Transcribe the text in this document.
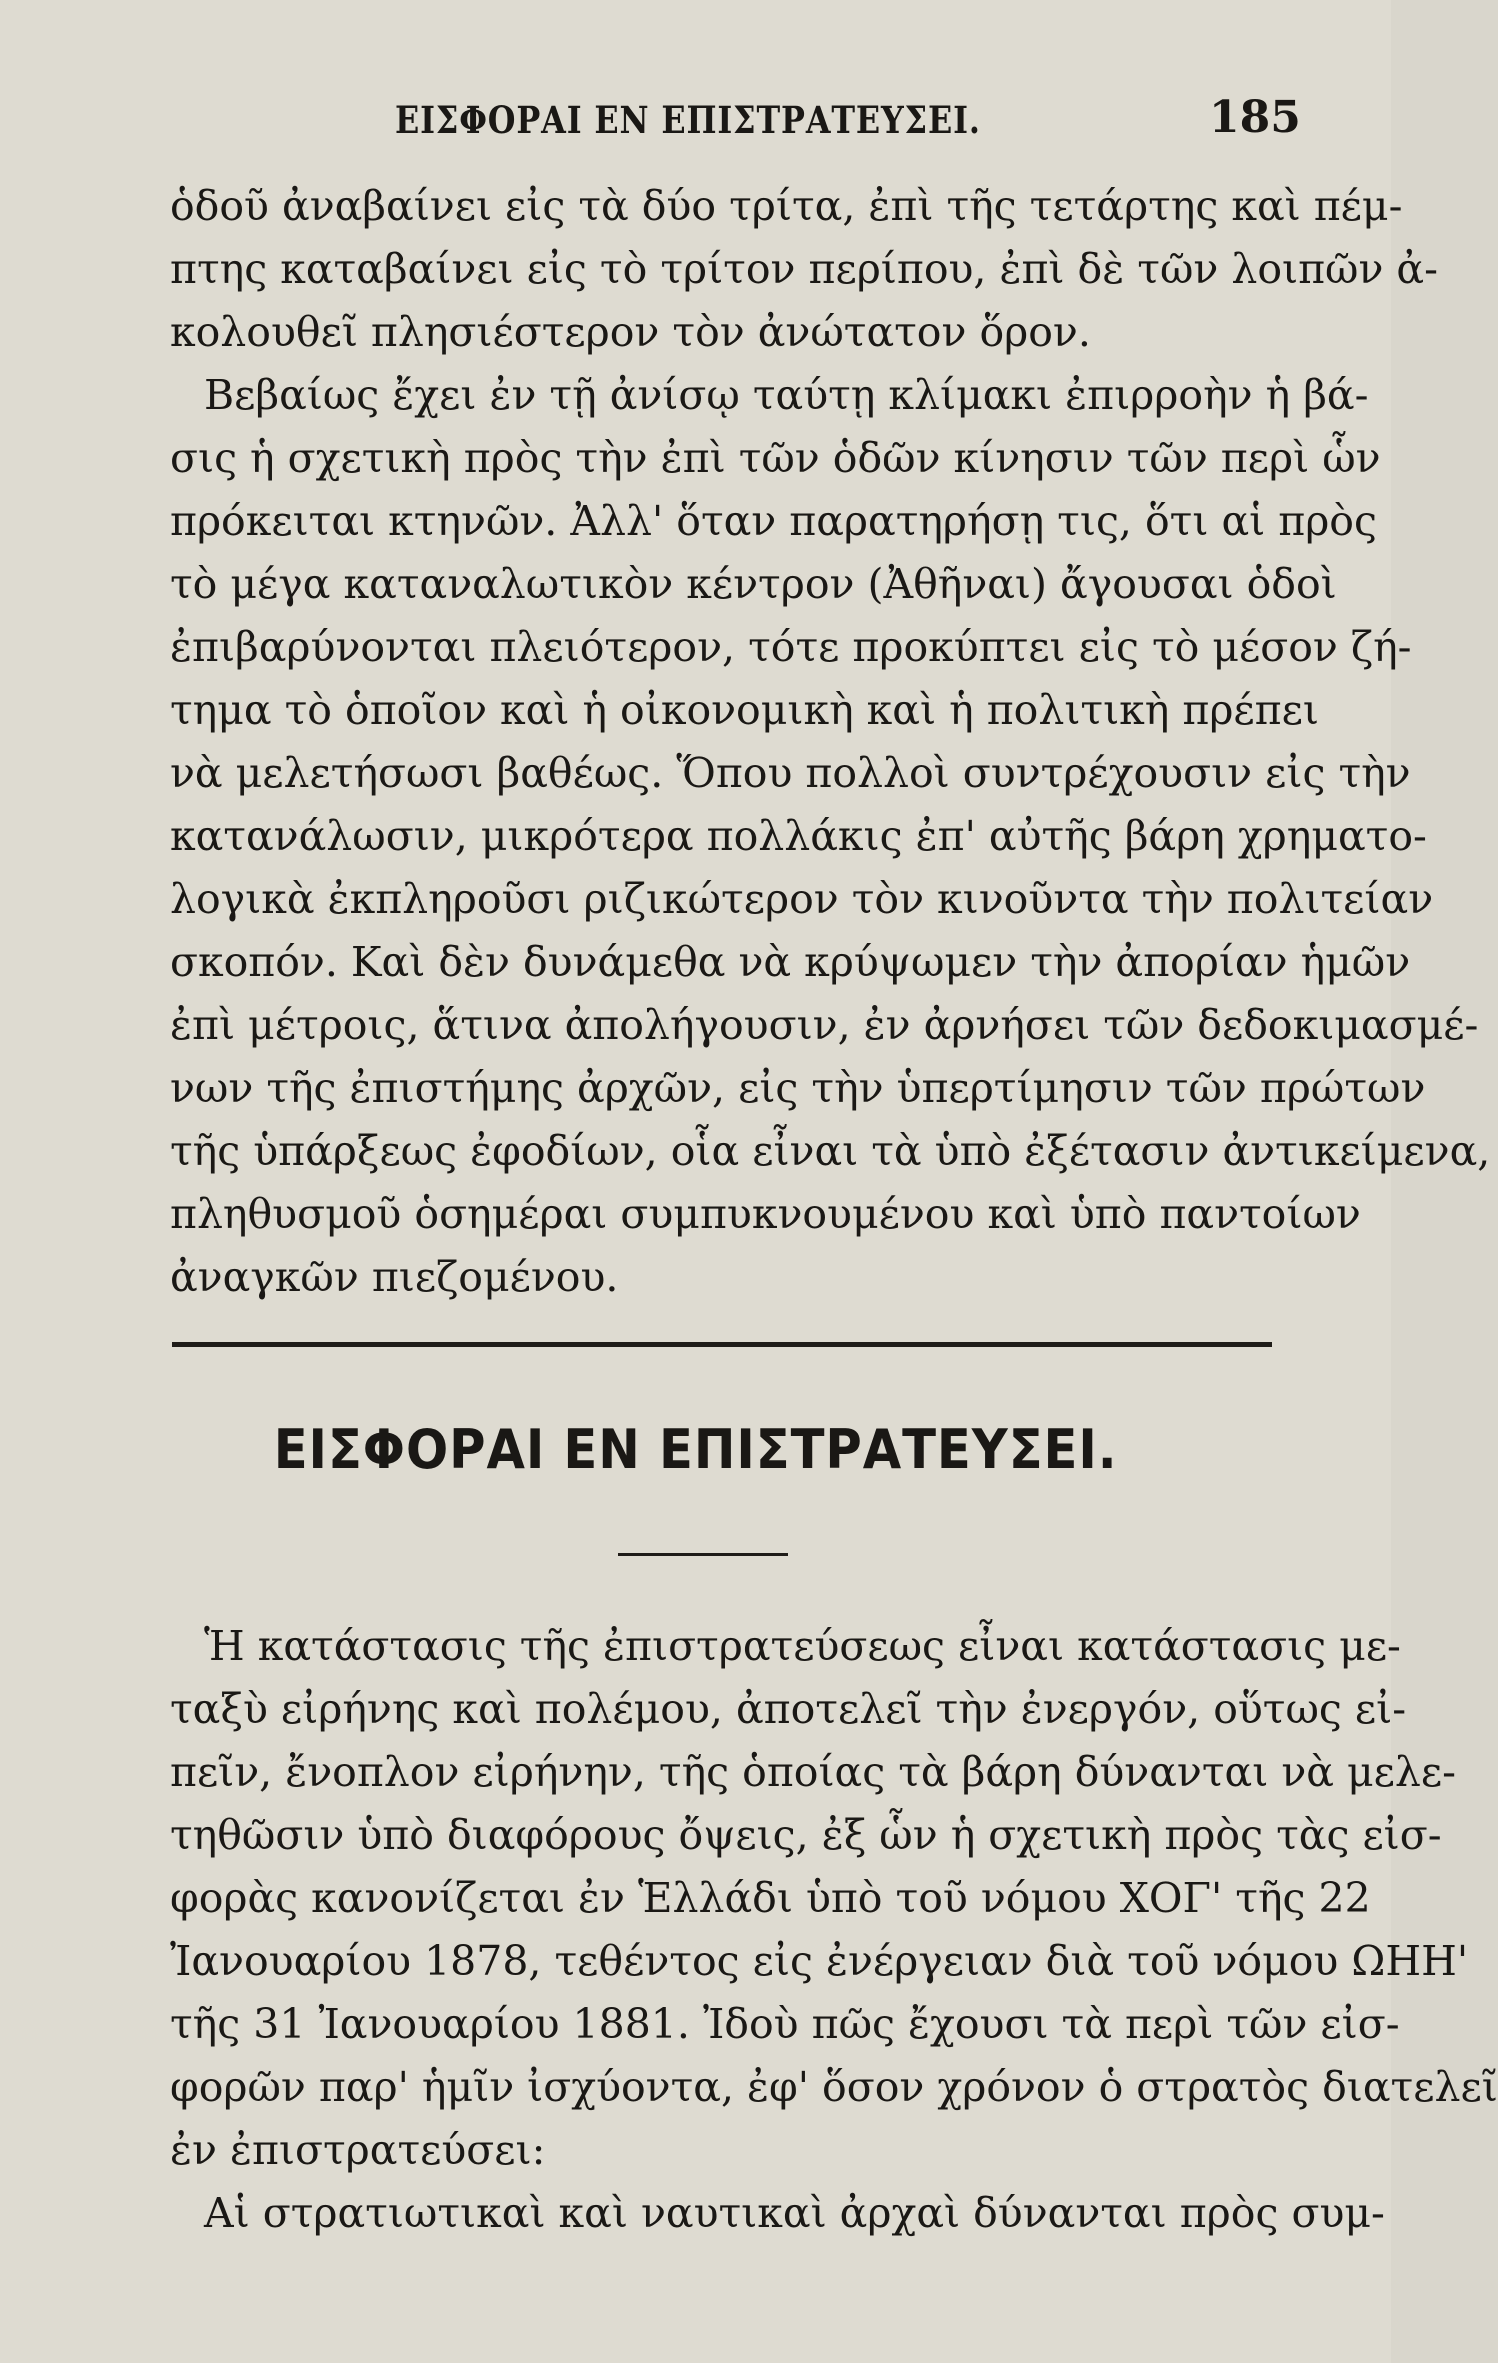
ΕΙΣΦΟΡΑΙ ΕΝ ΕΠΙΣΤΡΑΤΕΥΣΕΙ.	185
ὁδοῦ ἀναβαίνει εἰς τὰ δύο τρίτα, ἐπὶ τῆς τετάρτης καὶ πέμ-
πτης καταβαίνει εἰς τὸ τρίτον περίπου, ἐπὶ δὲ τῶν λοιπῶν ἀ-
κολουθεῖ πλησιέστερον τὸν ἀνώτατον ὅρον.
Βεβαίως ἔχει ἐν τῇ ἀνίσῳ ταύτῃ κλίμακι ἐπιρροὴν ἡ βά-
σις ἡ σχετικὴ πρὸς τὴν ἐπὶ τῶν ὁδῶν κίνησιν τῶν περὶ ὧν
πρόκειται κτηνῶν. Ἀλλ' ὅταν παρατηρήσῃ τις, ὅτι αἱ πρὸς
τὸ μέγα καταναλωτικὸν κέντρον (Ἀθῆναι) ἄγουσαι ὁδοὶ
ἐπιβαρύνονται πλειότερον, τότε προκύπτει εἰς τὸ μέσον ζή-
τημα τὸ ὁποῖον καὶ ἡ οἰκονομικὴ καὶ ἡ πολιτικὴ πρέπει
νὰ μελετήσωσι βαθέως. Ὅπου πολλοὶ συντρέχουσιν εἰς τὴν
κατανάλωσιν, μικρότερα πολλάκις ἐπ' αὐτῆς βάρη χρηματο-
λογικὰ ἐκπληροῦσι ριζικώτερον τὸν κινοῦντα τὴν πολιτείαν
σκοπόν. Καὶ δὲν δυνάμεθα νὰ κρύψωμεν τὴν ἀπορίαν ἡμῶν
ἐπὶ μέτροις, ἅτινα ἀπολήγουσιν, ἐν ἀρνήσει τῶν δεδοκιμασμέ-
νων τῆς ἐπιστήμης ἀρχῶν, εἰς τὴν ὑπερτίμησιν τῶν πρώτων
τῆς ὑπάρξεως ἐφοδίων, οἷα εἶναι τὰ ὑπὸ ἐξέτασιν ἀντικείμενα,
πληθυσμοῦ ὁσημέραι συμπυκνουμένου καὶ ὑπὸ παντοίων
ἀναγκῶν πιεζομένου.
ΕΙΣΦΟΡΑΙ ΕΝ ΕΠΙΣΤΡΑΤΕΥΣΕΙ.
Ἡ κατάστασις τῆς ἐπιστρατεύσεως εἶναι κατάστασις με-
ταξὺ εἰρήνης καὶ πολέμου, ἀποτελεῖ τὴν ἐνεργόν, οὕτως εἰ-
πεῖν, ἔνοπλον εἰρήνην, τῆς ὁποίας τὰ βάρη δύνανται νὰ μελε-
τηθῶσιν ὑπὸ διαφόρους ὄψεις, ἐξ ὧν ἡ σχετικὴ πρὸς τὰς εἰσ-
φορὰς κανονίζεται ἐν Ἑλλάδι ὑπὸ τοῦ νόμου ΧΟΓ' τῆς 22
Ἰανουαρίου 1878, τεθέντος εἰς ἐνέργειαν διὰ τοῦ νόμου ΩΗΗ'
τῆς 31 Ἰανουαρίου 1881. Ἰδοὺ πῶς ἔχουσι τὰ περὶ τῶν εἰσ-
φορῶν παρ' ἡμῖν ἰσχύοντα, ἐφ' ὅσον χρόνον ὁ στρατὸς διατελεῖ
ἐν ἐπιστρατεύσει:
Αἱ στρατιωτικαὶ καὶ ναυτικαὶ ἀρχαὶ δύνανται πρὸς συμ-
